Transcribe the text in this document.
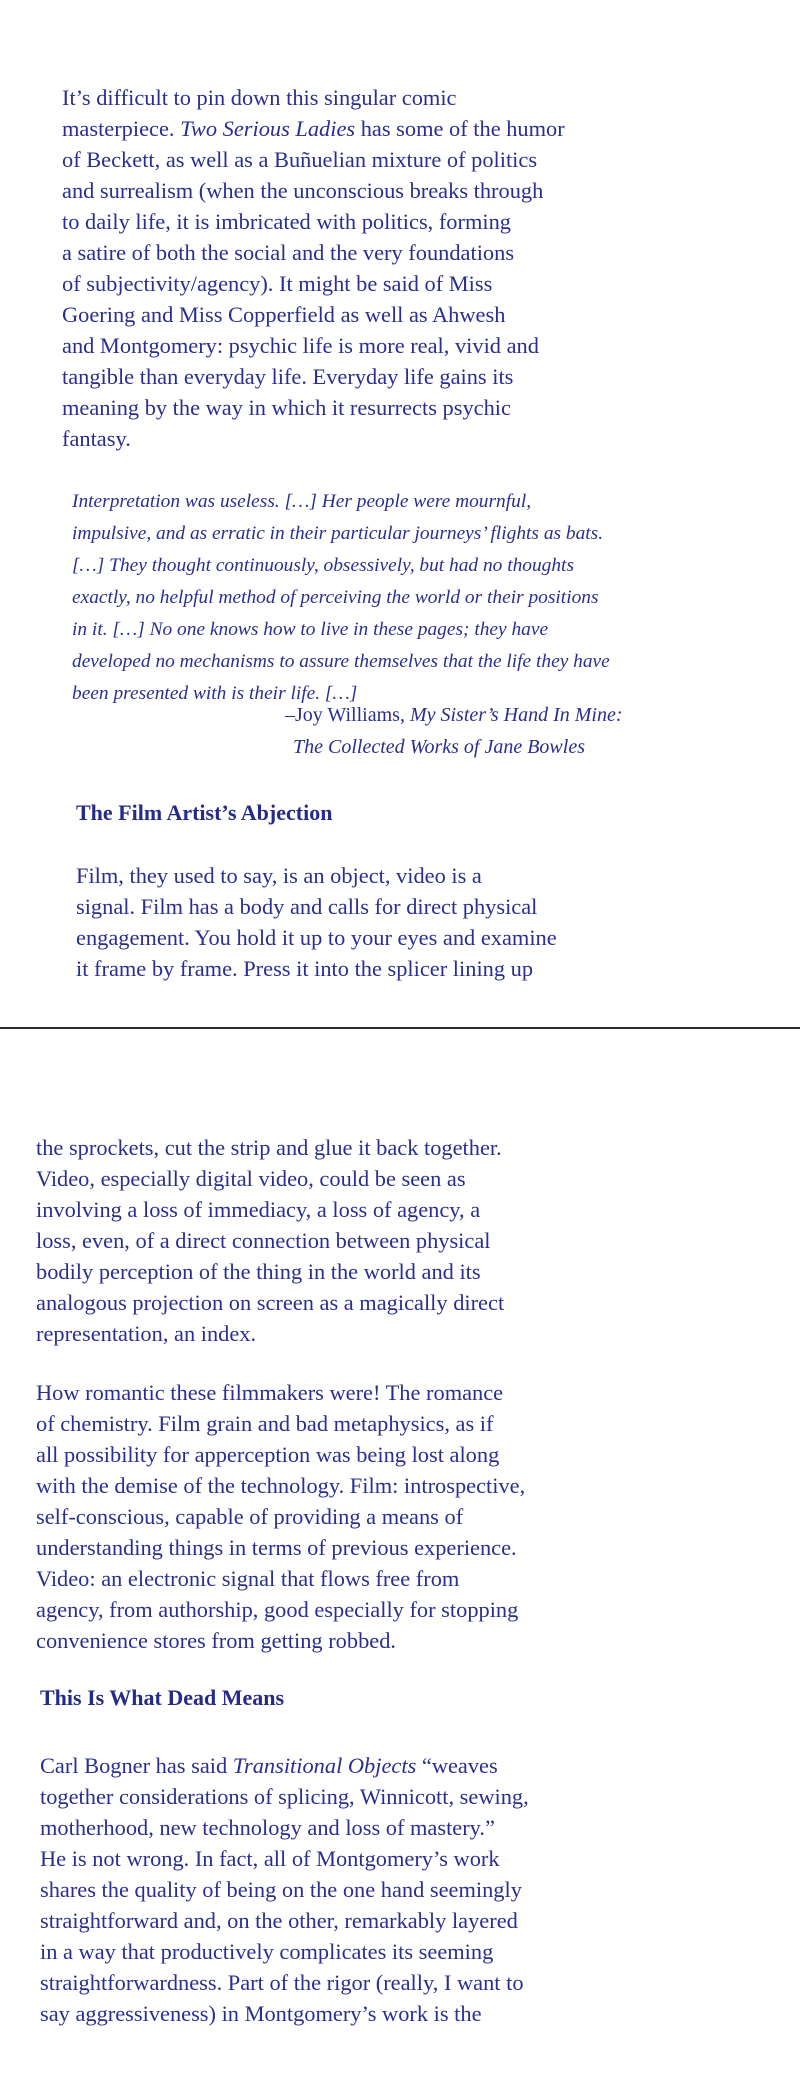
It’s difficult to pin down this singular comic
masterpiece. Two Serious Ladies has some of the humor
of Beckett, as well as a Buñuelian mixture of politics
and surrealism (when the unconscious breaks through
to daily life, it is imbricated with politics, forming
a satire of both the social and the very foundations
of subjectivity/agency). It might be said of Miss
Goering and Miss Copperfield as well as Ahwesh
and Montgomery: psychic life is more real, vivid and
tangible than everyday life. Everyday life gains its
meaning by the way in which it resurrects psychic
fantasy.

Interpretation was useless. […] Her people were mournful,
impulsive, and as erratic in their particular journeys’ flights as bats.
[…] They thought continuously, obsessively, but had no thoughts
exactly, no helpful method of perceiving the world or their positions
in it. […] No one knows how to live in these pages; they have
developed no mechanisms to assure themselves that the life they have
been presented with is their life. […]

–Joy Williams, My Sister’s Hand In Mine:

The Collected Works of Jane Bowles

The Film Artist’s Abjection

Film, they used to say, is an object, video is a
signal. Film has a body and calls for direct physical
engagement. You hold it up to your eyes and examine
it frame by frame. Press it into the splicer lining up

the sprockets, cut the strip and glue it back together.
Video, especially digital video, could be seen as
involving a loss of immediacy, a loss of agency, a
loss, even, of a direct connection between physical
bodily perception of the thing in the world and its
analogous projection on screen as a magically direct
representation, an index.

How romantic these filmmakers were! The romance
of chemistry. Film grain and bad metaphysics, as if
all possibility for apperception was being lost along
with the demise of the technology. Film: introspective,
self-conscious, capable of providing a means of
understanding things in terms of previous experience.
Video: an electronic signal that flows free from
agency, from authorship, good especially for stopping
convenience stores from getting robbed.

This Is What Dead Means

Carl Bogner has said Transitional Objects “weaves
together considerations of splicing, Winnicott, sewing,
motherhood, new technology and loss of mastery.”
He is not wrong. In fact, all of Montgomery’s work
shares the quality of being on the one hand seemingly
straightforward and, on the other, remarkably layered
in a way that productively complicates its seeming
straightforwardness. Part of the rigor (really, I want to
say aggressiveness) in Montgomery’s work is the
